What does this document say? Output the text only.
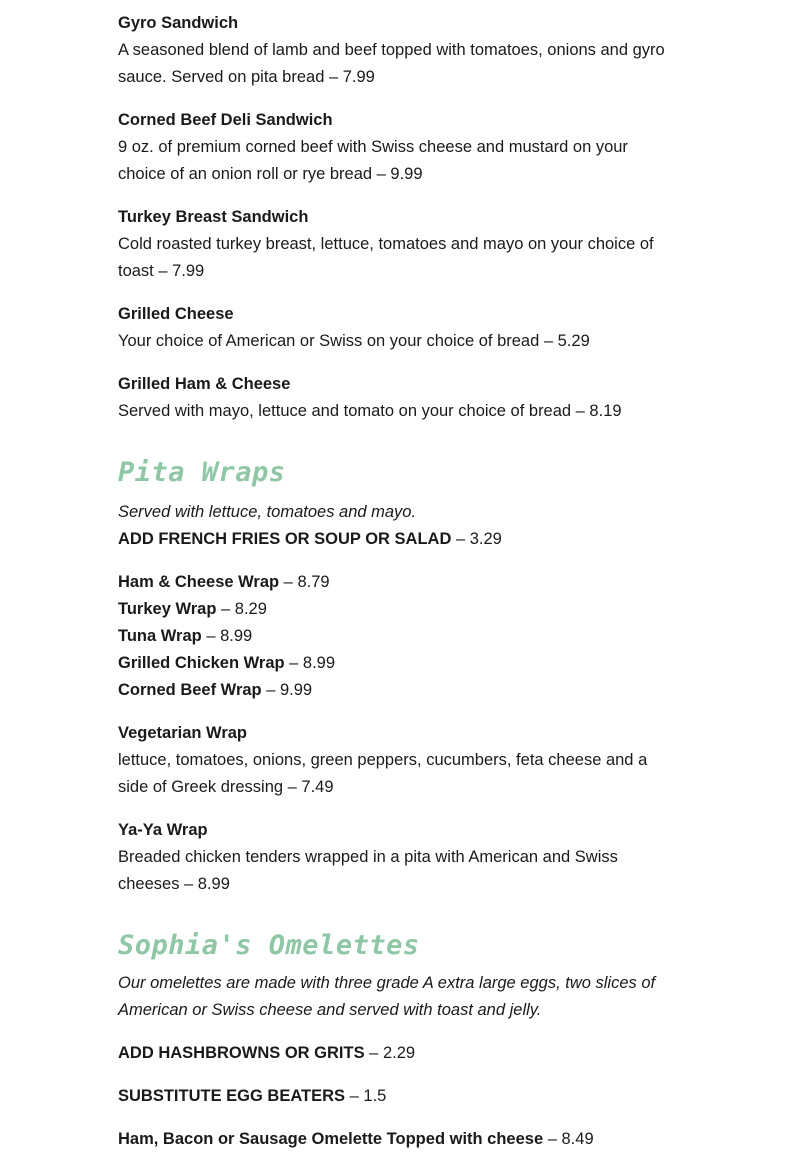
Gyro Sandwich
A seasoned blend of lamb and beef topped with tomatoes, onions and gyro sauce. Served on pita bread – 7.99
Corned Beef Deli Sandwich
9 oz. of premium corned beef with Swiss cheese and mustard on your choice of an onion roll or rye bread – 9.99
Turkey Breast Sandwich
Cold roasted turkey breast, lettuce, tomatoes and mayo on your choice of toast – 7.99
Grilled Cheese
Your choice of American or Swiss on your choice of bread – 5.29
Grilled Ham & Cheese
Served with mayo, lettuce and tomato on your choice of bread – 8.19
Pita Wraps

Served with lettuce, tomatoes and mayo.

ADD FRENCH FRIES OR SOUP OR SALAD – 3.29

Ham & Cheese Wrap – 8.79
Turkey Wrap – 8.29
Tuna Wrap – 8.99
Grilled Chicken Wrap – 8.99
Corned Beef Wrap – 9.99
Vegetarian Wrap
lettuce, tomatoes, onions, green peppers, cucumbers, feta cheese and a side of Greek dressing – 7.49
Ya-Ya Wrap
Breaded chicken tenders wrapped in a pita with American and Swiss cheeses – 8.99
Sophia's Omelettes

Our omelettes are made with three grade A extra large eggs, two slices of American or Swiss cheese and served with toast and jelly.

ADD HASHBROWNS OR GRITS – 2.29

SUBSTITUTE EGG BEATERS – 1.5

Ham, Bacon or Sausage Omelette Topped with cheese – 8.49
